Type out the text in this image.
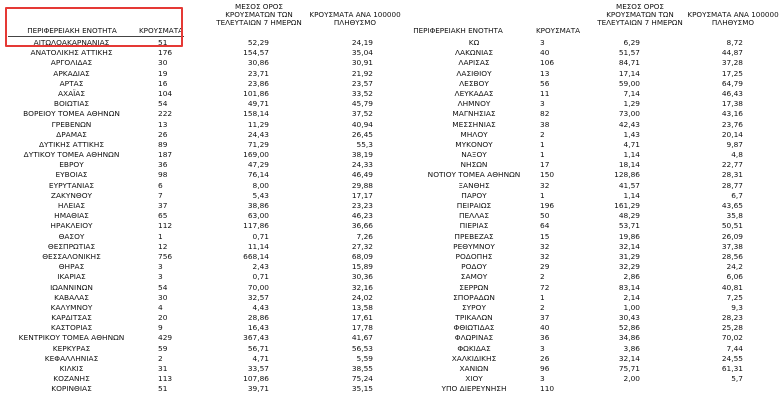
ΠΕΡΙΦΕΡΕΙΑΚΗ ΕΝΟΤΗΤΑ	ΚΡΟΥΣΜΑΤΑ
ΜΕΣΟΣ ΟΡΟΣ
ΚΡΟΥΣΜΑΤΩΝ ΤΩΝ
ΤΕΛΕΥΤΑΙΩΝ 7 ΗΜΕΡΩΝ
ΚΡΟΥΣΜΑΤΑ ΑΝΑ 100000
ΠΛΗΘΥΣΜΟ
ΠΕΡΙΦΕΡΕΙΑΚΗ ΕΝΟΤΗΤΑ	ΚΡΟΥΣΜΑΤΑ
ΜΕΣΟΣ ΟΡΟΣ
ΚΡΟΥΣΜΑΤΩΝ ΤΩΝ
ΤΕΛΕΥΤΑΙΩΝ 7 ΗΜΕΡΩΝ
ΚΡΟΥΣΜΑΤΑ ΑΝΑ 100000
ΠΛΗΘΥΣΜΟ
ΑΙΤΩΛΟΑΚΑΡΝΑΝΙΑΣ	51	52,29	24,19
ΑΝΑΤΟΛΙΚΗΣ ΑΤΤΙΚΗΣ	176	154,57	35,04
ΑΡΓΟΛΙΔΑΣ	30	30,86	30,91
ΑΡΚΑΔΙΑΣ	19	23,71	21,92
ΑΡΤΑΣ	16	23,86	23,57
ΑΧΑΪΑΣ	104	101,86	33,52
ΒΟΙΩΤΙΑΣ	54	49,71	45,79
ΒΟΡΕΙΟΥ ΤΟΜΕΑ ΑΘΗΝΩΝ	222	158,14	37,52
ΓΡΕΒΕΝΩΝ	13	11,29	40,94
ΔΡΑΜΑΣ	26	24,43	26,45
ΔΥΤΙΚΗΣ ΑΤΤΙΚΗΣ	89	71,29	55,3
ΔΥΤΙΚΟΥ ΤΟΜΕΑ ΑΘΗΝΩΝ	187	169,00	38,19
ΕΒΡΟΥ	36	47,29	24,33
ΕΥΒΟΙΑΣ	98	76,14	46,49
ΕΥΡΥΤΑΝΙΑΣ	6	8,00	29,88
ΖΑΚΥΝΘΟΥ	7	5,43	17,17
ΗΛΕΙΑΣ	37	38,86	23,23
ΗΜΑΘΙΑΣ	65	63,00	46,23
ΗΡΑΚΛΕΙΟΥ	112	117,86	36,66
ΘΑΣΟΥ	1	0,71	7,26
ΘΕΣΠΡΩΤΙΑΣ	12	11,14	27,32
ΘΕΣΣΑΛΟΝΙΚΗΣ	756	668,14	68,09
ΘΗΡΑΣ	3	2,43	15,89
ΙΚΑΡΙΑΣ	3	0,71	30,36
ΙΩΑΝΝΙΝΩΝ	54	70,00	32,16
ΚΑΒΑΛΑΣ	30	32,57	24,02
ΚΑΛΥΜΝΟΥ	4	4,43	13,58
ΚΑΡΔΙΤΣΑΣ	20	28,86	17,61
ΚΑΣΤΟΡΙΑΣ	9	16,43	17,78
ΚΕΝΤΡΙΚΟΥ ΤΟΜΕΑ ΑΘΗΝΩΝ	429	367,43	41,67
ΚΕΡΚΥΡΑΣ	59	56,71	56,53
ΚΕΦΑΛΛΗΝΙΑΣ	2	4,71	5,59
ΚΙΛΚΙΣ	31	33,57	38,55
ΚΟΖΑΝΗΣ	113	107,86	75,24
ΚΟΡΙΝΘΙΑΣ	51	39,71	35,15
ΚΩ	3	6,29	8,72
ΛΑΚΩΝΙΑΣ	40	51,57	44,87
ΛΑΡΙΣΑΣ	106	84,71	37,28
ΛΑΣΙΘΙΟΥ	13	17,14	17,25
ΛΕΣΒΟΥ	56	59,00	64,79
ΛΕΥΚΑΔΑΣ	11	7,14	46,43
ΛΗΜΝΟΥ	3	1,29	17,38
ΜΑΓΝΗΣΙΑΣ	82	73,00	43,16
ΜΕΣΣΗΝΙΑΣ	38	42,43	23,76
ΜΗΛΟΥ	2	1,43	20,14
ΜΥΚΟΝΟΥ	1	4,71	9,87
ΝΑΞΟΥ	1	1,14	4,8
ΝΗΣΩΝ	17	18,14	22,77
ΝΟΤΙΟΥ ΤΟΜΕΑ ΑΘΗΝΩΝ	150	128,86	28,31
ΞΑΝΘΗΣ	32	41,57	28,77
ΠΑΡΟΥ	1	1,14	6,7
ΠΕΙΡΑΙΩΣ	196	161,29	43,65
ΠΕΛΛΑΣ	50	48,29	35,8
ΠΙΕΡΙΑΣ	64	53,71	50,51
ΠΡΕΒΕΖΑΣ	15	19,86	26,09
ΡΕΘΥΜΝΟΥ	32	32,14	37,38
ΡΟΔΟΠΗΣ	32	31,29	28,56
ΡΟΔΟΥ	29	32,29	24,2
ΣΑΜΟΥ	2	2,86	6,06
ΣΕΡΡΩΝ	72	83,14	40,81
ΣΠΟΡΑΔΩΝ	1	2,14	7,25
ΣΥΡΟΥ	2	1,00	9,3
ΤΡΙΚΑΛΩΝ	37	30,43	28,23
ΦΘΙΩΤΙΔΑΣ	40	52,86	25,28
ΦΛΩΡΙΝΑΣ	36	34,86	70,02
ΦΩΚΙΔΑΣ	3	3,86	7,44
ΧΑΛΚΙΔΙΚΗΣ	26	32,14	24,55
ΧΑΝΙΩΝ	96	75,71	61,31
ΧΙΟΥ	3	2,00	5,7
ΥΠΟ ΔΙΕΡΕΥΝΗΣΗ	110
